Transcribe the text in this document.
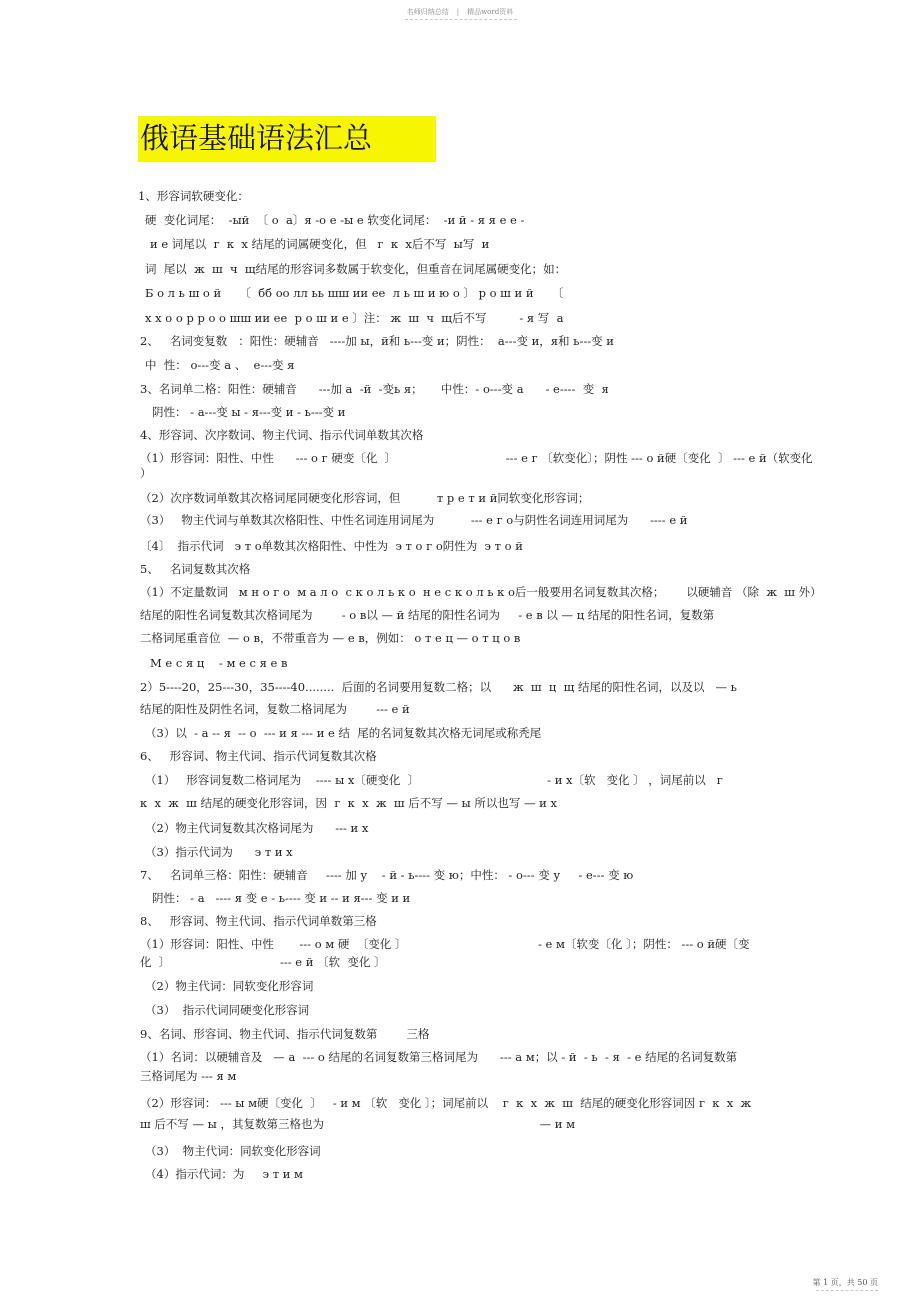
名师归纳总结 | 精品word资料
俄语基础语法汇总
1、形容词软硬变化：
硬  变化词尾：  -ый  〔 о  а〕я -о е -ы е 软变化词尾：  -и й - я я е е -
и е 词尾以  г  к  х 结尾的词属硬变化，但   г  к  х后不写  ы写  и
词  尾以  ж  ш  ч  щ结尾的形容词多数属于软变化，但重音在词尾属硬变化；如：
Б о л ь ш о й     〔  бб оо лл ьь шш ии ее  л ь ш и ю о 〕 р о ш и й     〔
х х о о р р о о шш ии ее  р о ш и е 〕注： ж  ш  ч  щ后不写         - я 写  а
2、   名词变复数   ：阳性：硬辅音   ----加 ы，й和 ь---变 и；阴性：  а---变 и，я和 ь---变 и
中  性： о---变 а 、  е---变 я
3、名词单二格：阳性：硬辅音      ---加 а  -й  -变ь я；     中性：- о---变 а      - е----  变  я
阴性： - а---变 ы - я---变 и - ь---变 и
4、形容词、次序数词、物主代词、指示代词单数其次格
（1）形容词：阳性、中性      --- о г 硬变〔化  〕                              --- е г 〔软变化〕；阴性 --- о й硬〔变化  〕 --- е й（软变化
）
（2）次序数词单数其次格词尾同硬变化形容词，但          т р е т и й同软变化形容词；
（3）   物主代词与单数其次格阳性、中性名词连用词尾为          --- е г о与阴性名词连用词尾为      ---- е й
〔4〕  指示代词   э т о单数其次格阳性、中性为  э т о г о阴性为  э т о й
5、   名词复数其次格
（1）不定量数词   м н о г о  м а л о  с к о л ь к о  н е с к о л ь к о后一般要用名词复数其次格；      以硬辅音 （除  ж  ш 外）
结尾的阳性名词复数其次格词尾为        - о в以 — й 结尾的阳性名词为     - е в 以 — ц 结尾的阳性名词，复数第
二格词尾重音位  — о в，不带重音为 — е в，例如： о т е ц — о т ц о в
М е с я ц    - м е с я е в
2）5----20，25---30，35----40........  后面的名词要用复数二格；以      ж  ш  ц  щ 结尾的阳性名词，以及以   — ь
结尾的阳性及阴性名词，复数二格词尾为        --- е й
（3）以  - а -- я  -- о  --- и я --- и е 结  尾的名词复数其次格无词尾或称秃尾
6、   形容词、物主代词、指示代词复数其次格
（1）   形容词复数二格词尾为    ---- ы х〔硬变化  〕                                   - и х〔软   变化 〕 ，词尾前以   г
к  х  ж  ш 结尾的硬变化形容词，因  г  к  х  ж  ш 后不写 — ы 所以也写 — и х
（2）物主代词复数其次格词尾为      --- и х
（3）指示代词为      э т и х
7、   名词单三格：阳性：硬辅音     ---- 加 у    - й - ь---- 变 ю；中性： - о--- 变 у     - е--- 变 ю
阴性： - а   ---- я 变 е - ь---- 变 и -- и я--- 变 и и
8、   形容词、物主代词、指示代词单数第三格
（1）形容词：阳性、中性       --- о м 硬  〔变化 〕                                    - е м〔软变〔化 〕；阴性： --- о й硬〔变
化  〕                              --- е й 〔软  变化 〕
（2）物主代词：同软变化形容词
（3）  指示代词同硬变化形容词
9、名词、形容词、物主代词、指示代词复数第        三格
（1）名词：以硬辅音及   — а  --- о 结尾的名词复数第三格词尾为      --- а м；以 - й  - ь  - я  - е 结尾的名词复数第
三格词尾为 --- я м
（2）形容词： --- ы м硬〔变化  〕   - и м 〔软   变化 〕；词尾前以    г  к  х  ж  ш  结尾的硬变化形容词因 г  к  х  ж
ш 后不写 — ы ，其复数第三格也为                                                           — и м
（3）  物主代词：同软变化形容词
（4）指示代词：为     э т и м
第 1 页，共 50 页
